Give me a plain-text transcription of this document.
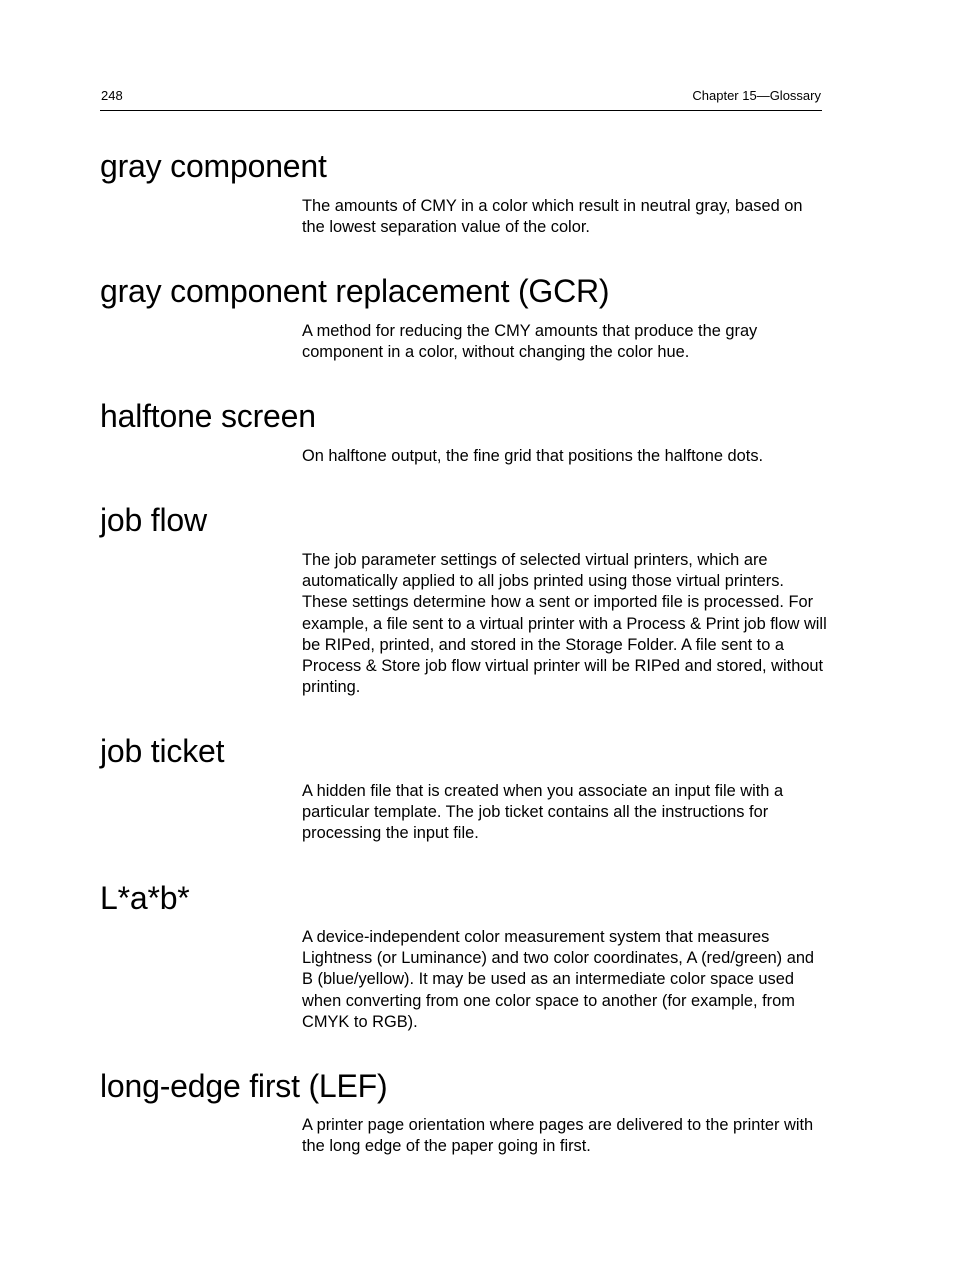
248	Chapter 15—Glossary
gray component

The amounts of CMY in a color which result in neutral gray, based on the lowest separation value of the color.

gray component replacement (GCR)

A method for reducing the CMY amounts that produce the gray component in a color, without changing the color hue.

halftone screen

On halftone output, the fine grid that positions the halftone dots.

job flow

The job parameter settings of selected virtual printers, which are automatically applied to all jobs printed using those virtual printers. These settings determine how a sent or imported file is processed. For example, a file sent to a virtual printer with a Process & Print job flow will be RIPed, printed, and stored in the Storage Folder. A file sent to a Process & Store job flow virtual printer will be RIPed and stored, without printing.

job ticket

A hidden file that is created when you associate an input file with a particular template. The job ticket contains all the instructions for processing the input file.

L*a*b*

A device-independent color measurement system that measures Lightness (or Luminance) and two color coordinates, A (red/green) and B (blue/yellow). It may be used as an intermediate color space used when converting from one color space to another (for example, from CMYK to RGB).

long-edge first (LEF)

A printer page orientation where pages are delivered to the printer with the long edge of the paper going in first.
